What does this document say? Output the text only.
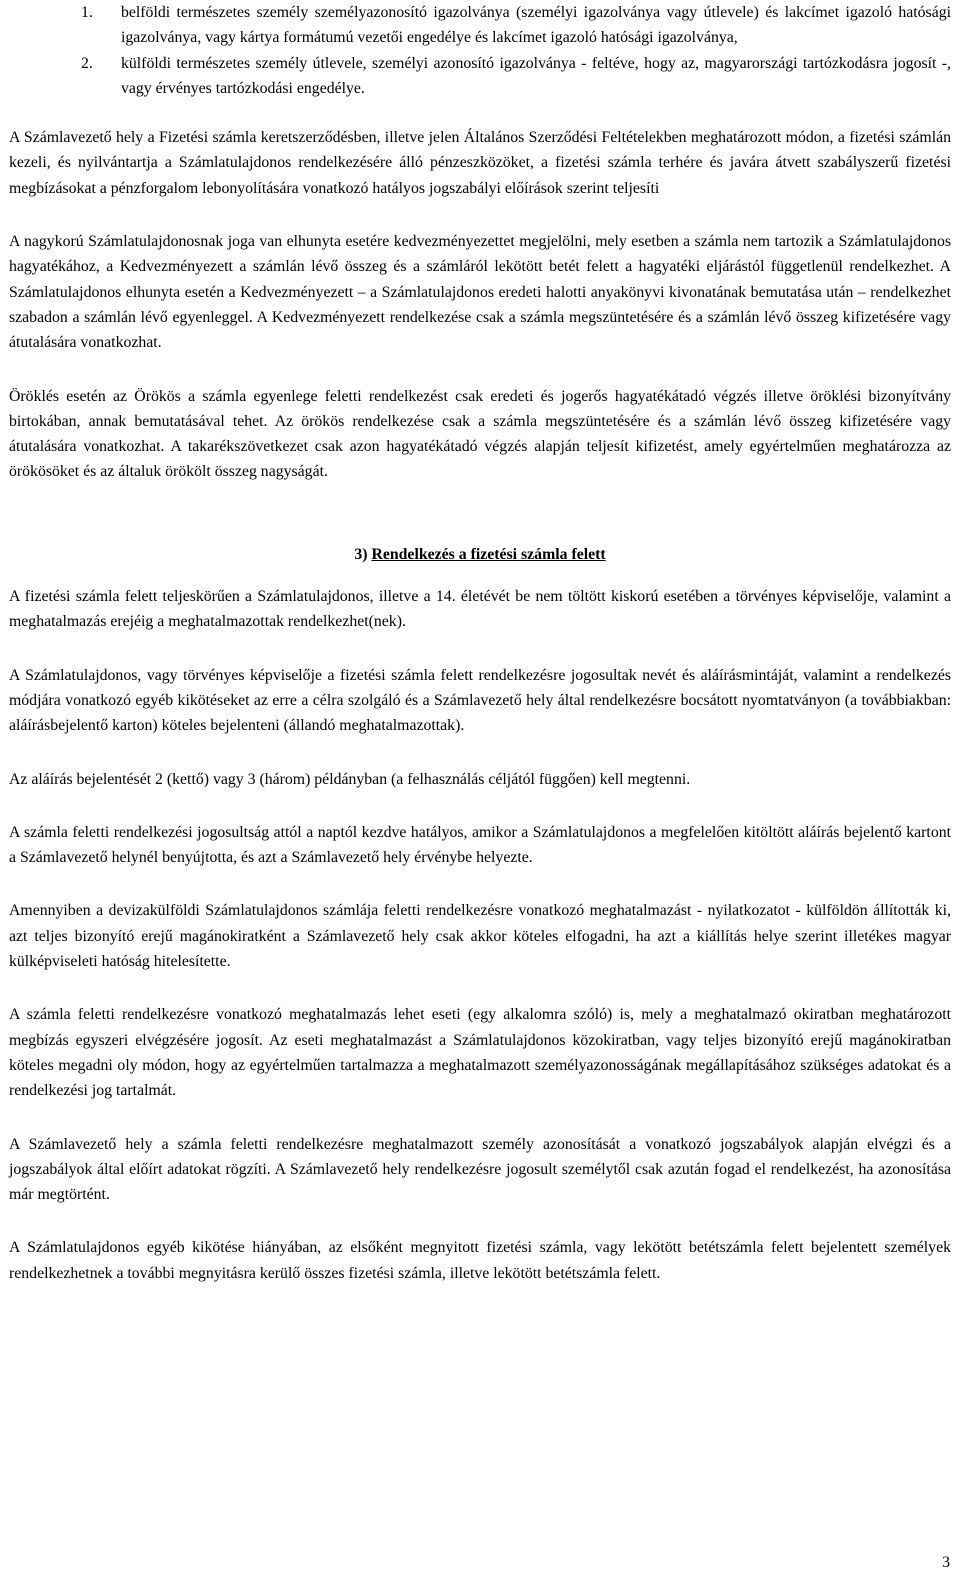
1. belföldi természetes személy személyazonosító igazolványa (személyi igazolványa vagy útlevele) és lakcímet igazoló hatósági igazolványa, vagy kártya formátumú vezetői engedélye és lakcímet igazoló hatósági igazolványa,
2. külföldi természetes személy útlevele, személyi azonosító igazolványa - feltéve, hogy az, magyarországi tartózkodásra jogosít -, vagy érvényes tartózkodási engedélye.

A Számlavezető hely a Fizetési számla keretszerződésben, illetve jelen Általános Szerződési Feltételekben meghatározott módon, a fizetési számlán kezeli, és nyilvántartja a Számlatulajdonos rendelkezésére álló pénzeszközöket, a fizetési számla terhére és javára átvett szabályszerű fizetési megbízásokat a pénzforgalom lebonyolítására vonatkozó hatályos jogszabályi előírások szerint teljesíti

A nagykorú Számlatulajdonosnak joga van elhunyta esetére kedvezményezettet megjelölni, mely esetben a számla nem tartozik a Számlatulajdonos hagyatékához, a Kedvezményezett a számlán lévő összeg és a számláról lekötött betét felett a hagyatéki eljárástól függetlenül rendelkezhet. A Számlatulajdonos elhunyta esetén a Kedvezményezett – a Számlatulajdonos eredeti halotti anyakönyvi kivonatának bemutatása után – rendelkezhet szabadon a számlán lévő egyenleggel. A Kedvezményezett rendelkezése csak a számla megszüntetésére és a számlán lévő összeg kifizetésére vagy átutalására vonatkozhat.

Öröklés esetén az Örökös a számla egyenlege feletti rendelkezést csak eredeti és jogerős hagyatékátadó végzés illetve öröklési bizonyítvány birtokában, annak bemutatásával tehet. Az örökös rendelkezése csak a számla megszüntetésére és a számlán lévő összeg kifizetésére vagy átutalására vonatkozhat. A takarékszövetkezet csak azon hagyatékátadó végzés alapján teljesít kifizetést, amely egyértelműen meghatározza az örökösöket és az általuk örökölt összeg nagyságát.

3) Rendelkezés a fizetési számla felett

A fizetési számla felett teljeskörűen a Számlatulajdonos, illetve a 14. életévét be nem töltött kiskorú esetében a törvényes képviselője, valamint a meghatalmazás erejéig a meghatalmazottak rendelkezhet(nek).

A Számlatulajdonos, vagy törvényes képviselője a fizetési számla felett rendelkezésre jogosultak nevét és aláírásmintáját, valamint a rendelkezés módjára vonatkozó egyéb kikötéseket az erre a célra szolgáló és a Számlavezető hely által rendelkezésre bocsátott nyomtatványon (a továbbiakban: aláírásbejelentő karton) köteles bejelenteni (állandó meghatalmazottak).

Az aláírás bejelentését 2 (kettő) vagy 3 (három) példányban (a felhasználás céljától függően) kell megtenni.

A számla feletti rendelkezési jogosultság attól a naptól kezdve hatályos, amikor a Számlatulajdonos a megfelelően kitöltött aláírás bejelentő kartont a Számlavezető helynél benyújtotta, és azt a Számlavezető hely érvénybe helyezte.

Amennyiben a devizakülföldi Számlatulajdonos számlája feletti rendelkezésre vonatkozó meghatalmazást - nyilatkozatot - külföldön állították ki, azt teljes bizonyító erejű magánokiratként a Számlavezető hely csak akkor köteles elfogadni, ha azt a kiállítás helye szerint illetékes magyar külképviseleti hatóság hitelesítette.

A számla feletti rendelkezésre vonatkozó meghatalmazás lehet eseti (egy alkalomra szóló) is, mely a meghatalmazó okiratban meghatározott megbízás egyszeri elvégzésére jogosít. Az eseti meghatalmazást a Számlatulajdonos közokiratban, vagy teljes bizonyító erejű magánokiratban köteles megadni oly módon, hogy az egyértelműen tartalmazza a meghatalmazott személyazonosságának megállapításához szükséges adatokat és a rendelkezési jog tartalmát.

A Számlavezető hely a számla feletti rendelkezésre meghatalmazott személy azonosítását a vonatkozó jogszabályok alapján elvégzi és a jogszabályok által előírt adatokat rögzíti. A Számlavezető hely rendelkezésre jogosult személytől csak azután fogad el rendelkezést, ha azonosítása már megtörtént.

A Számlatulajdonos egyéb kikötése hiányában, az elsőként megnyitott fizetési számla, vagy lekötött betétszámla felett bejelentett személyek rendelkezhetnek a további megnyitásra kerülő összes fizetési számla, illetve lekötött betétszámla felett.

3
